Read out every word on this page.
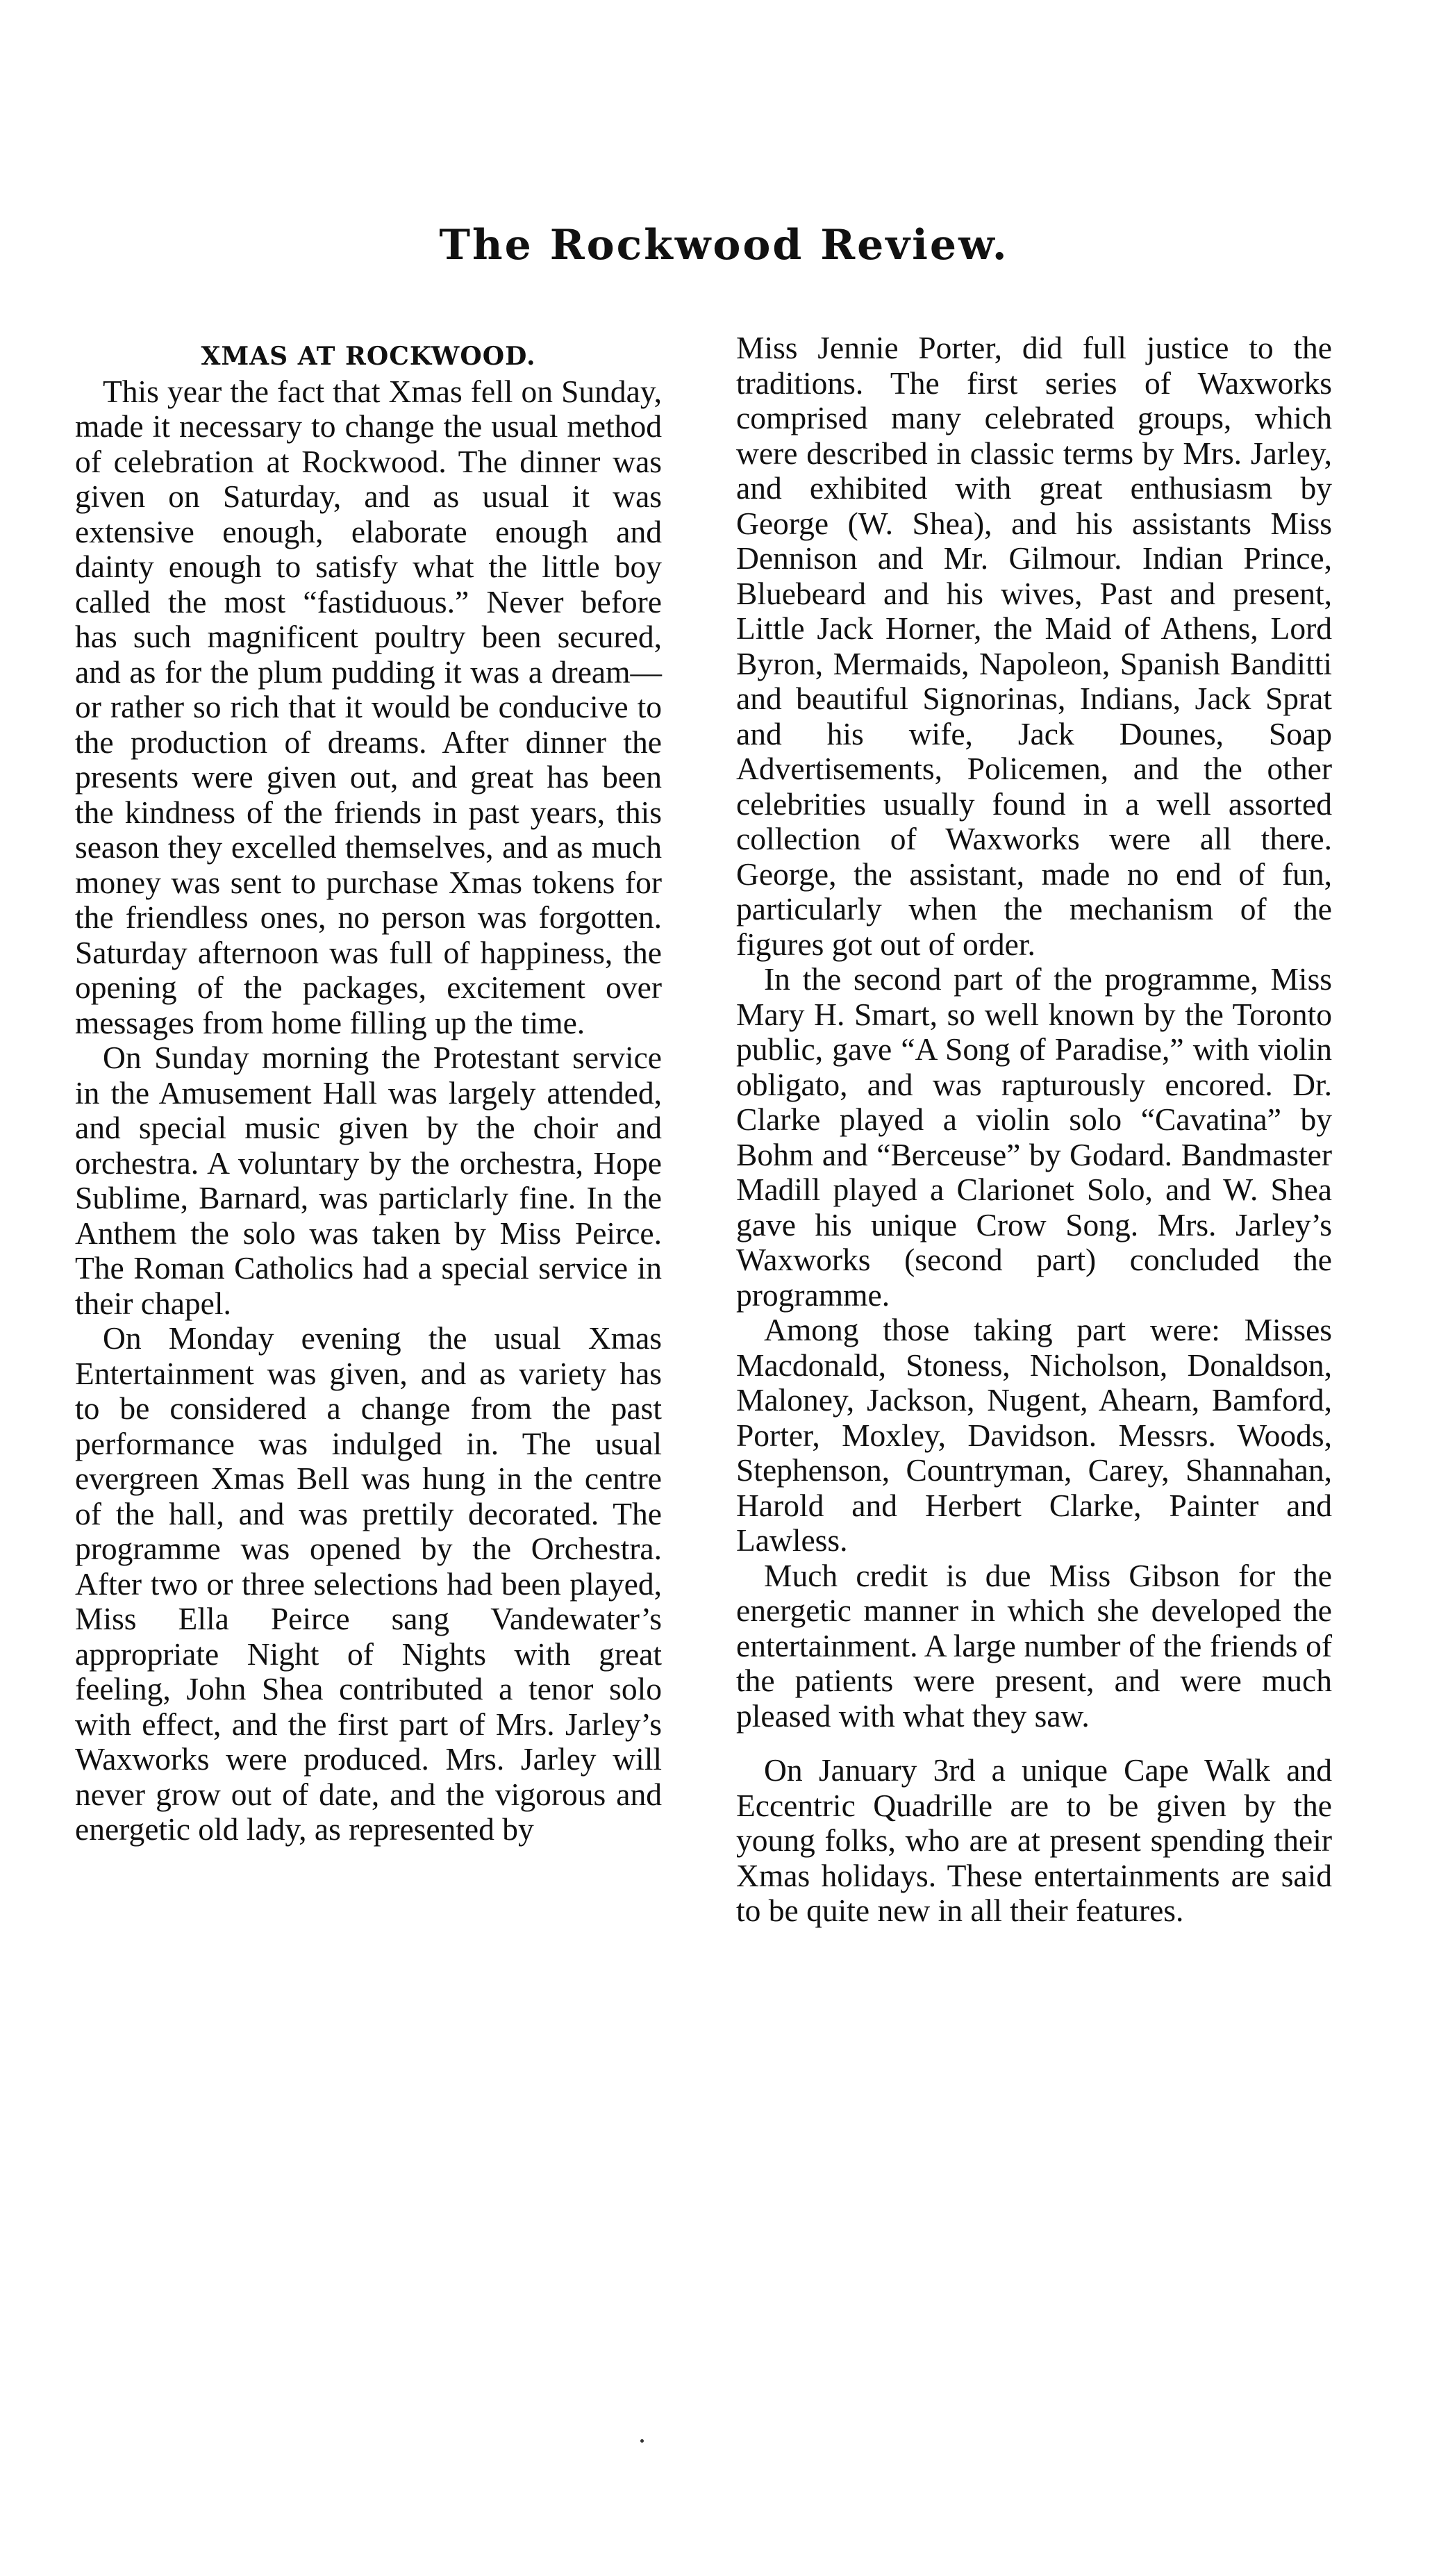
The Rockwood Review.

XMAS AT ROCKWOOD.

This year the fact that Xmas fell on Sunday, made it necessary to change the usual method of celebration at Rockwood. The dinner was given on Saturday, and as usual it was extensive enough, elaborate enough and dainty enough to satisfy what the little boy called the most “fastiduous.” Never before has such magnificent poultry been secured, and as for the plum pudding it was a dream—or rather so rich that it would be conducive to the production of dreams. After dinner the presents were given out, and great has been the kindness of the friends in past years, this season they excelled themselves, and as much money was sent to purchase Xmas tokens for the friendless ones, no person was forgotten. Saturday afternoon was full of happiness, the opening of the packages, excitement over messages from home filling up the time.

On Sunday morning the Protestant service in the Amusement Hall was largely attended, and special music given by the choir and orchestra. A voluntary by the orchestra, Hope Sublime, Barnard, was particlarly fine. In the Anthem the solo was taken by Miss Peirce. The Roman Catholics had a special service in their chapel.

On Monday evening the usual Xmas Entertainment was given, and as variety has to be considered a change from the past performance was indulged in. The usual evergreen Xmas Bell was hung in the centre of the hall, and was prettily decorated. The programme was opened by the Orchestra. After two or three selections had been played, Miss Ella Peirce sang Vandewater’s appropriate Night of Nights with great feeling, John Shea contributed a tenor solo with effect, and the first part of Mrs. Jarley’s Waxworks were produced. Mrs. Jarley will never grow out of date, and the vigorous and energetic old lady, as represented by

Miss Jennie Porter, did full justice to the traditions. The first series of Waxworks comprised many celebrated groups, which were described in classic terms by Mrs. Jarley, and exhibited with great enthusiasm by George (W. Shea), and his assistants Miss Dennison and Mr. Gilmour. Indian Prince, Bluebeard and his wives, Past and present, Little Jack Horner, the Maid of Athens, Lord Byron, Mermaids, Napoleon, Spanish Banditti and beautiful Signorinas, Indians, Jack Sprat and his wife, Jack Dounes, Soap Advertisements, Policemen, and the other celebrities usually found in a well assorted collection of Waxworks were all there. George, the assistant, made no end of fun, particularly when the mechanism of the figures got out of order.

In the second part of the programme, Miss Mary H. Smart, so well known by the Toronto public, gave “A Song of Paradise,” with violin obligato, and was rapturously encored. Dr. Clarke played a violin solo “Cavatina” by Bohm and “Berceuse” by Godard. Bandmaster Madill played a Clarionet Solo, and W. Shea gave his unique Crow Song. Mrs. Jarley’s Waxworks (second part) concluded the programme.

Among those taking part were: Misses Macdonald, Stoness, Nicholson, Donaldson, Maloney, Jackson, Nugent, Ahearn, Bamford, Porter, Moxley, Davidson. Messrs. Woods, Stephenson, Countryman, Carey, Shannahan, Harold and Herbert Clarke, Painter and Lawless.

Much credit is due Miss Gibson for the energetic manner in which she developed the entertainment. A large number of the friends of the patients were present, and were much pleased with what they saw.

On January 3rd a unique Cape Walk and Eccentric Quadrille are to be given by the young folks, who are at present spending their Xmas holidays. These entertainments are said to be quite new in all their features.
